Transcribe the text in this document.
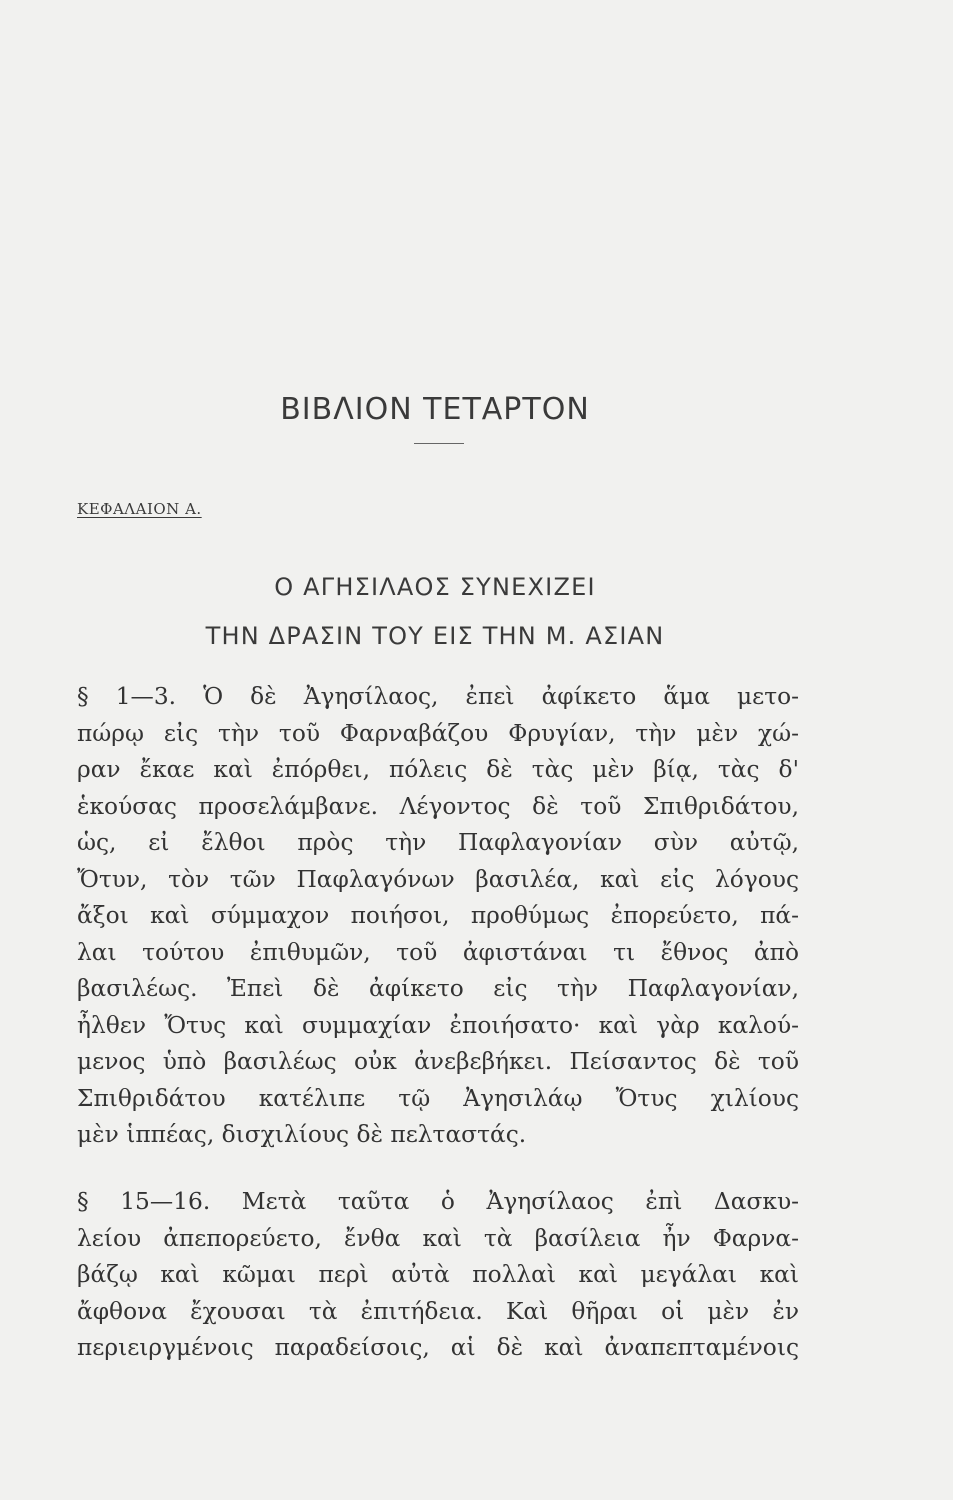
ΒΙΒΛΙΟΝ ΤΕΤΑΡΤΟΝ
ΚΕΦΑΛΑΙΟΝ Α.
Ο ΑΓΗΣΙΛΑΟΣ ΣΥΝΕΧΙΖΕΙ
ΤΗΝ ΔΡΑΣΙΝ ΤΟΥ ΕΙΣ ΤΗΝ Μ. ΑΣΙΑΝ
§ 1—3. Ὁ δὲ Ἀγησίλαος, ἐπεὶ ἀφίκετο ἅμα μετο-
πώρῳ εἰς τὴν τοῦ Φαρναβάζου Φρυγίαν, τὴν μὲν χώ-
ραν ἔκαε καὶ ἐπόρθει, πόλεις δὲ τὰς μὲν βίᾳ, τὰς δ'
ἑκούσας προσελάμβανε. Λέγοντος δὲ τοῦ Σπιθριδάτου,
ὡς, εἰ ἔλθοι πρὸς τὴν Παφλαγονίαν σὺν αὐτῷ,
Ὄτυν, τὸν τῶν Παφλαγόνων βασιλέα, καὶ εἰς λόγους
ἄξοι καὶ σύμμαχον ποιήσοι, προθύμως ἐπορεύετο, πά-
λαι τούτου ἐπιθυμῶν, τοῦ ἀφιστάναι τι ἔθνος ἀπὸ
βασιλέως. Ἐπεὶ δὲ ἀφίκετο εἰς τὴν Παφλαγονίαν,
ἦλθεν Ὄτυς καὶ συμμαχίαν ἐποιήσατο· καὶ γὰρ καλού-
μενος ὑπὸ βασιλέως οὐκ ἀνεβεβήκει. Πείσαντος δὲ τοῦ
Σπιθριδάτου κατέλιπε τῷ Ἀγησιλάῳ Ὄτυς χιλίους
μὲν ἱππέας, δισχιλίους δὲ πελταστάς.
§ 15—16. Μετὰ ταῦτα ὁ Ἀγησίλαος ἐπὶ Δασκυ-
λείου ἀπεπορεύετο, ἔνθα καὶ τὰ βασίλεια ἦν Φαρνα-
βάζῳ καὶ κῶμαι περὶ αὐτὰ πολλαὶ καὶ μεγάλαι καὶ
ἄφθονα ἔχουσαι τὰ ἐπιτήδεια. Καὶ θῆραι οἱ μὲν ἐν
περιειργμένοις παραδείσοις, αἱ δὲ καὶ ἀναπεπταμένοις
